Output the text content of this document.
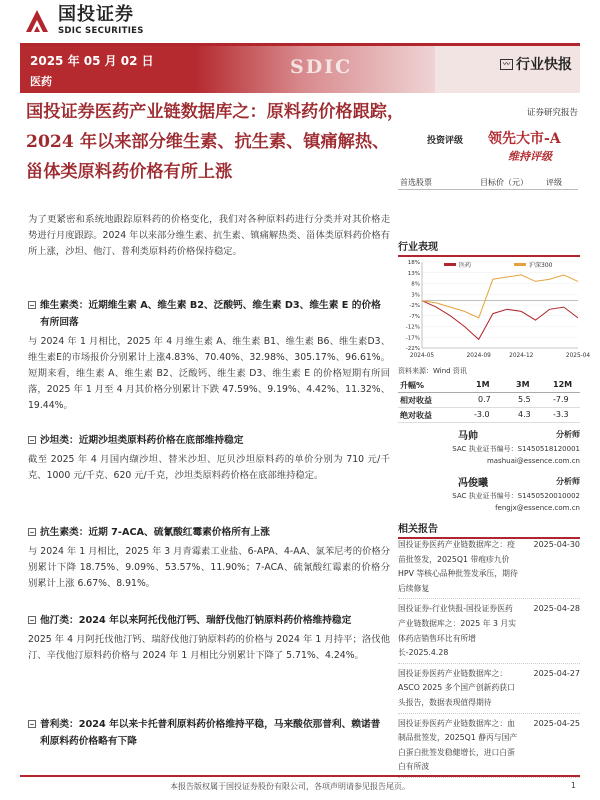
国投证券
SDIC SECURITIES
2025 年 05 月 02 日
医药
SDIC	〰 行业快报
证券研究报告
国投证券医药产业链数据库之：原料药价格跟踪，2024 年以来部分维生素、抗生素、镇痛解热、甾体类原料药价格有所上涨
投资评级 领先大市-A
维持评级
首选股票	目标价（元） 评级

为了更紧密和系统地跟踪原料药的价格变化，我们对各种原料药进行分类并对其价格走势进行月度跟踪。2024 年以来部分维生素、抗生素、镇痛解热类、甾体类原料药价格有所上涨，沙坦、他汀、普利类原料药价格保持稳定。

维生素类：近期维生素 A、维生素 B2、泛酸钙、维生素 D3、维生素 E 的价格有所回落

与 2024 年 1 月相比，2025 年 4 月维生素 A、维生素 B1、维生素 B6、维生素D3、维生素E的市场报价分别累计上涨4.83%、70.40%、32.98%、305.17%、96.61%。短期来看，维生素 A、维生素 B2、泛酸钙、维生素 D3、维生素 E 的价格短期有所回落，2025 年 1 月至 4 月其价格分别累计下跌 47.59%、9.19%、4.42%、11.32%、19.44%。

沙坦类：近期沙坦类原料药价格在底部维持稳定

截至 2025 年 4 月国内缬沙坦、替米沙坦、厄贝沙坦原料药的单价分别为 710 元/千克、1000 元/千克、620 元/千克，沙坦类原料药价格在底部维持稳定。

抗生素类：近期 7-ACA、硫氰酸红霉素价格所有上涨

与 2024 年 1 月相比，2025 年 3 月青霉素工业盐、6-APA、4-AA、氯苯尼考的价格分别累计下降 18.75%、9.09%、53.57%、11.90%；7-ACA、硫氰酸红霉素的价格分别累计上涨 6.67%、8.91%。

他汀类：2024 年以来阿托伐他汀钙、瑞舒伐他汀钠原料药价格维持稳定

2025 年 4 月阿托伐他汀钙、瑞舒伐他汀钠原料药的价格与 2024 年 1 月持平；洛伐他汀、辛伐他汀原料药价格与 2024 年 1 月相比分别累计下降了 5.71%、4.24%。

普利类：2024 年以来卡托普利原料药价格维持平稳，马来酸依那普利、赖诺普利原料药价格略有下降
行业表现
18%
13%
8%
3%
-2%
-7%
-12%
-17%
-22%
2024-05	2024-09	2024-12	2025-04
医药	沪深300
资料来源：Wind 资讯
升幅%	1M	3M	12M
相对收益	0.7	5.5	-7.9
绝对收益	-3.0	4.3	-3.3
马帅	分析师
SAC 执业证书编号：S1450518120001
mashuai@essence.com.cn
冯俊曦	分析师
SAC 执业证书编号：S1450520010002
fengjx@essence.com.cn
相关报告
国投证券医药产业链数据库之：疫苗批签发，2025Q1 带疱疹九价 HPV 等核心品种批签发承压，期待后续修复
2025-04-30
国投证券-行业快报-国投证券医药产业链数据库之：2025 年 3 月实体药店销售环比有所增长-2025.4.28
2025-04-28
国投证券医药产业链数据库之：ASCO 2025 多个国产创新药获口头报告，数据表现值得期待
2025-04-27
国投证券医药产业链数据库之：血制品批签发，2025Q1 静丙与国产白蛋白批签发稳健增长，进口白蛋白有所波
2025-04-25
本报告版权属于国投证券股份有限公司，各项声明请参见报告尾页。	1
